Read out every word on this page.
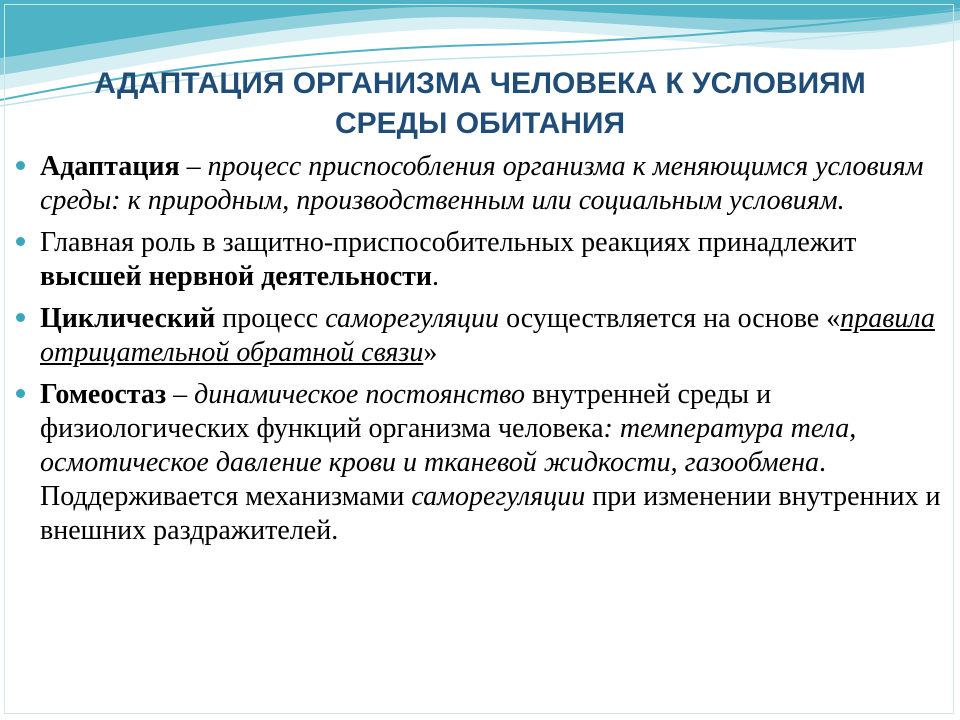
АДАПТАЦИЯ ОРГАНИЗМА ЧЕЛОВЕКА К УСЛОВИЯМ
СРЕДЫ ОБИТАНИЯ
Адаптация – процесс приспособления организма к меняющимся условиям среды: к природным, производственным или социальным условиям.
Главная роль в защитно-приспособительных реакциях принадлежит высшей нервной деятельности.
Циклический процесс саморегуляции осуществляется на основе «правила отрицательной обратной связи»
Гомеостаз – динамическое постоянство внутренней среды и физиологических функций организма человека: температура тела, осмотическое давление крови и тканевой жидкости, газообмена. Поддерживается механизмами саморегуляции при изменении внутренних и внешних раздражителей.
